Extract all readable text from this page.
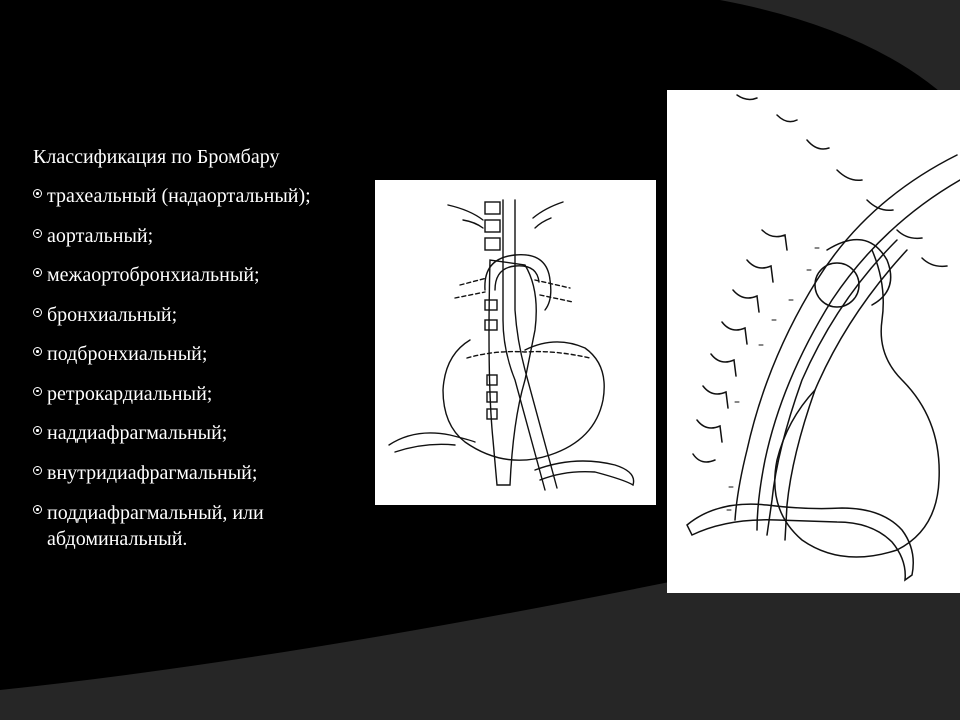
Классификация по Бромбару
трахеальный (надаортальный);
аортальный;
межаортобронхиальный;
бронхиальный;
подбронхиальный;
ретрокардиальный;
наддиафрагмальный;
внутридиафрагмальный;
поддиафрагмальный, или абдоминальный.
